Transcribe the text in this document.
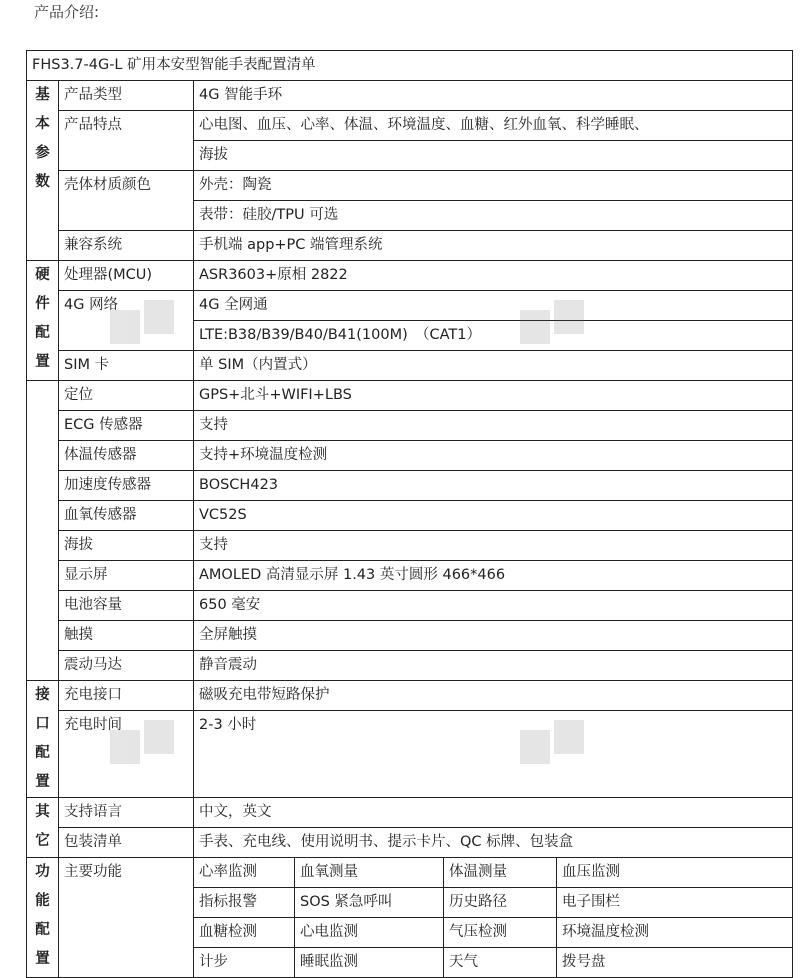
产品介绍:
FHS3.7-4G-L 矿用本安型智能手表配置清单					

基
本
参
数	产品类型	4G 智能手环			
	产品特点	心电图、血压、心率、体温、环境温度、血糖、红外血氧、科学睡眠、			
		海拔			
	壳体材质颜色	外壳：陶瓷			
		表带：硅胶/TPU 可选			
	兼容系统	手机端 app+PC 端管理系统			

硬
件
配
置	处理器(MCU)	ASR3603+原相 2822			
	4G 网络	4G 全网通			
		LTE:B38/B39/B40/B41(100M)　（CAT1）			
	SIM 卡	单 SIM（内置式）			
	定位	GPS+北斗+WIFI+LBS			
	ECG 传感器	支持			
	体温传感器	支持+环境温度检测			
	加速度传感器	BOSCH423			
	血氧传感器	VC52S			
	海拔	支持			
	显示屏	AMOLED 高清显示屏 1.43 英寸圆形 466*466			
	电池容量	650 毫安			
	触摸	全屏触摸			
	震动马达	静音震动			

接
口
配
置	充电接口	磁吸充电带短路保护			
	充电时间	2-3 小时			

其
它	支持语言	中文，英文			
	包装清单	手表、充电线、使用说明书、提示卡片、QC 标牌、包装盒			

功
能
配
置	主要功能	心率监测	血氧测量	体温测量	血压监测
		指标报警	SOS 紧急呼叫	历史路径	电子围栏
		血糖检测	心电监测	气压检测	环境温度检测
		计步	睡眠监测	天气	拨号盘
